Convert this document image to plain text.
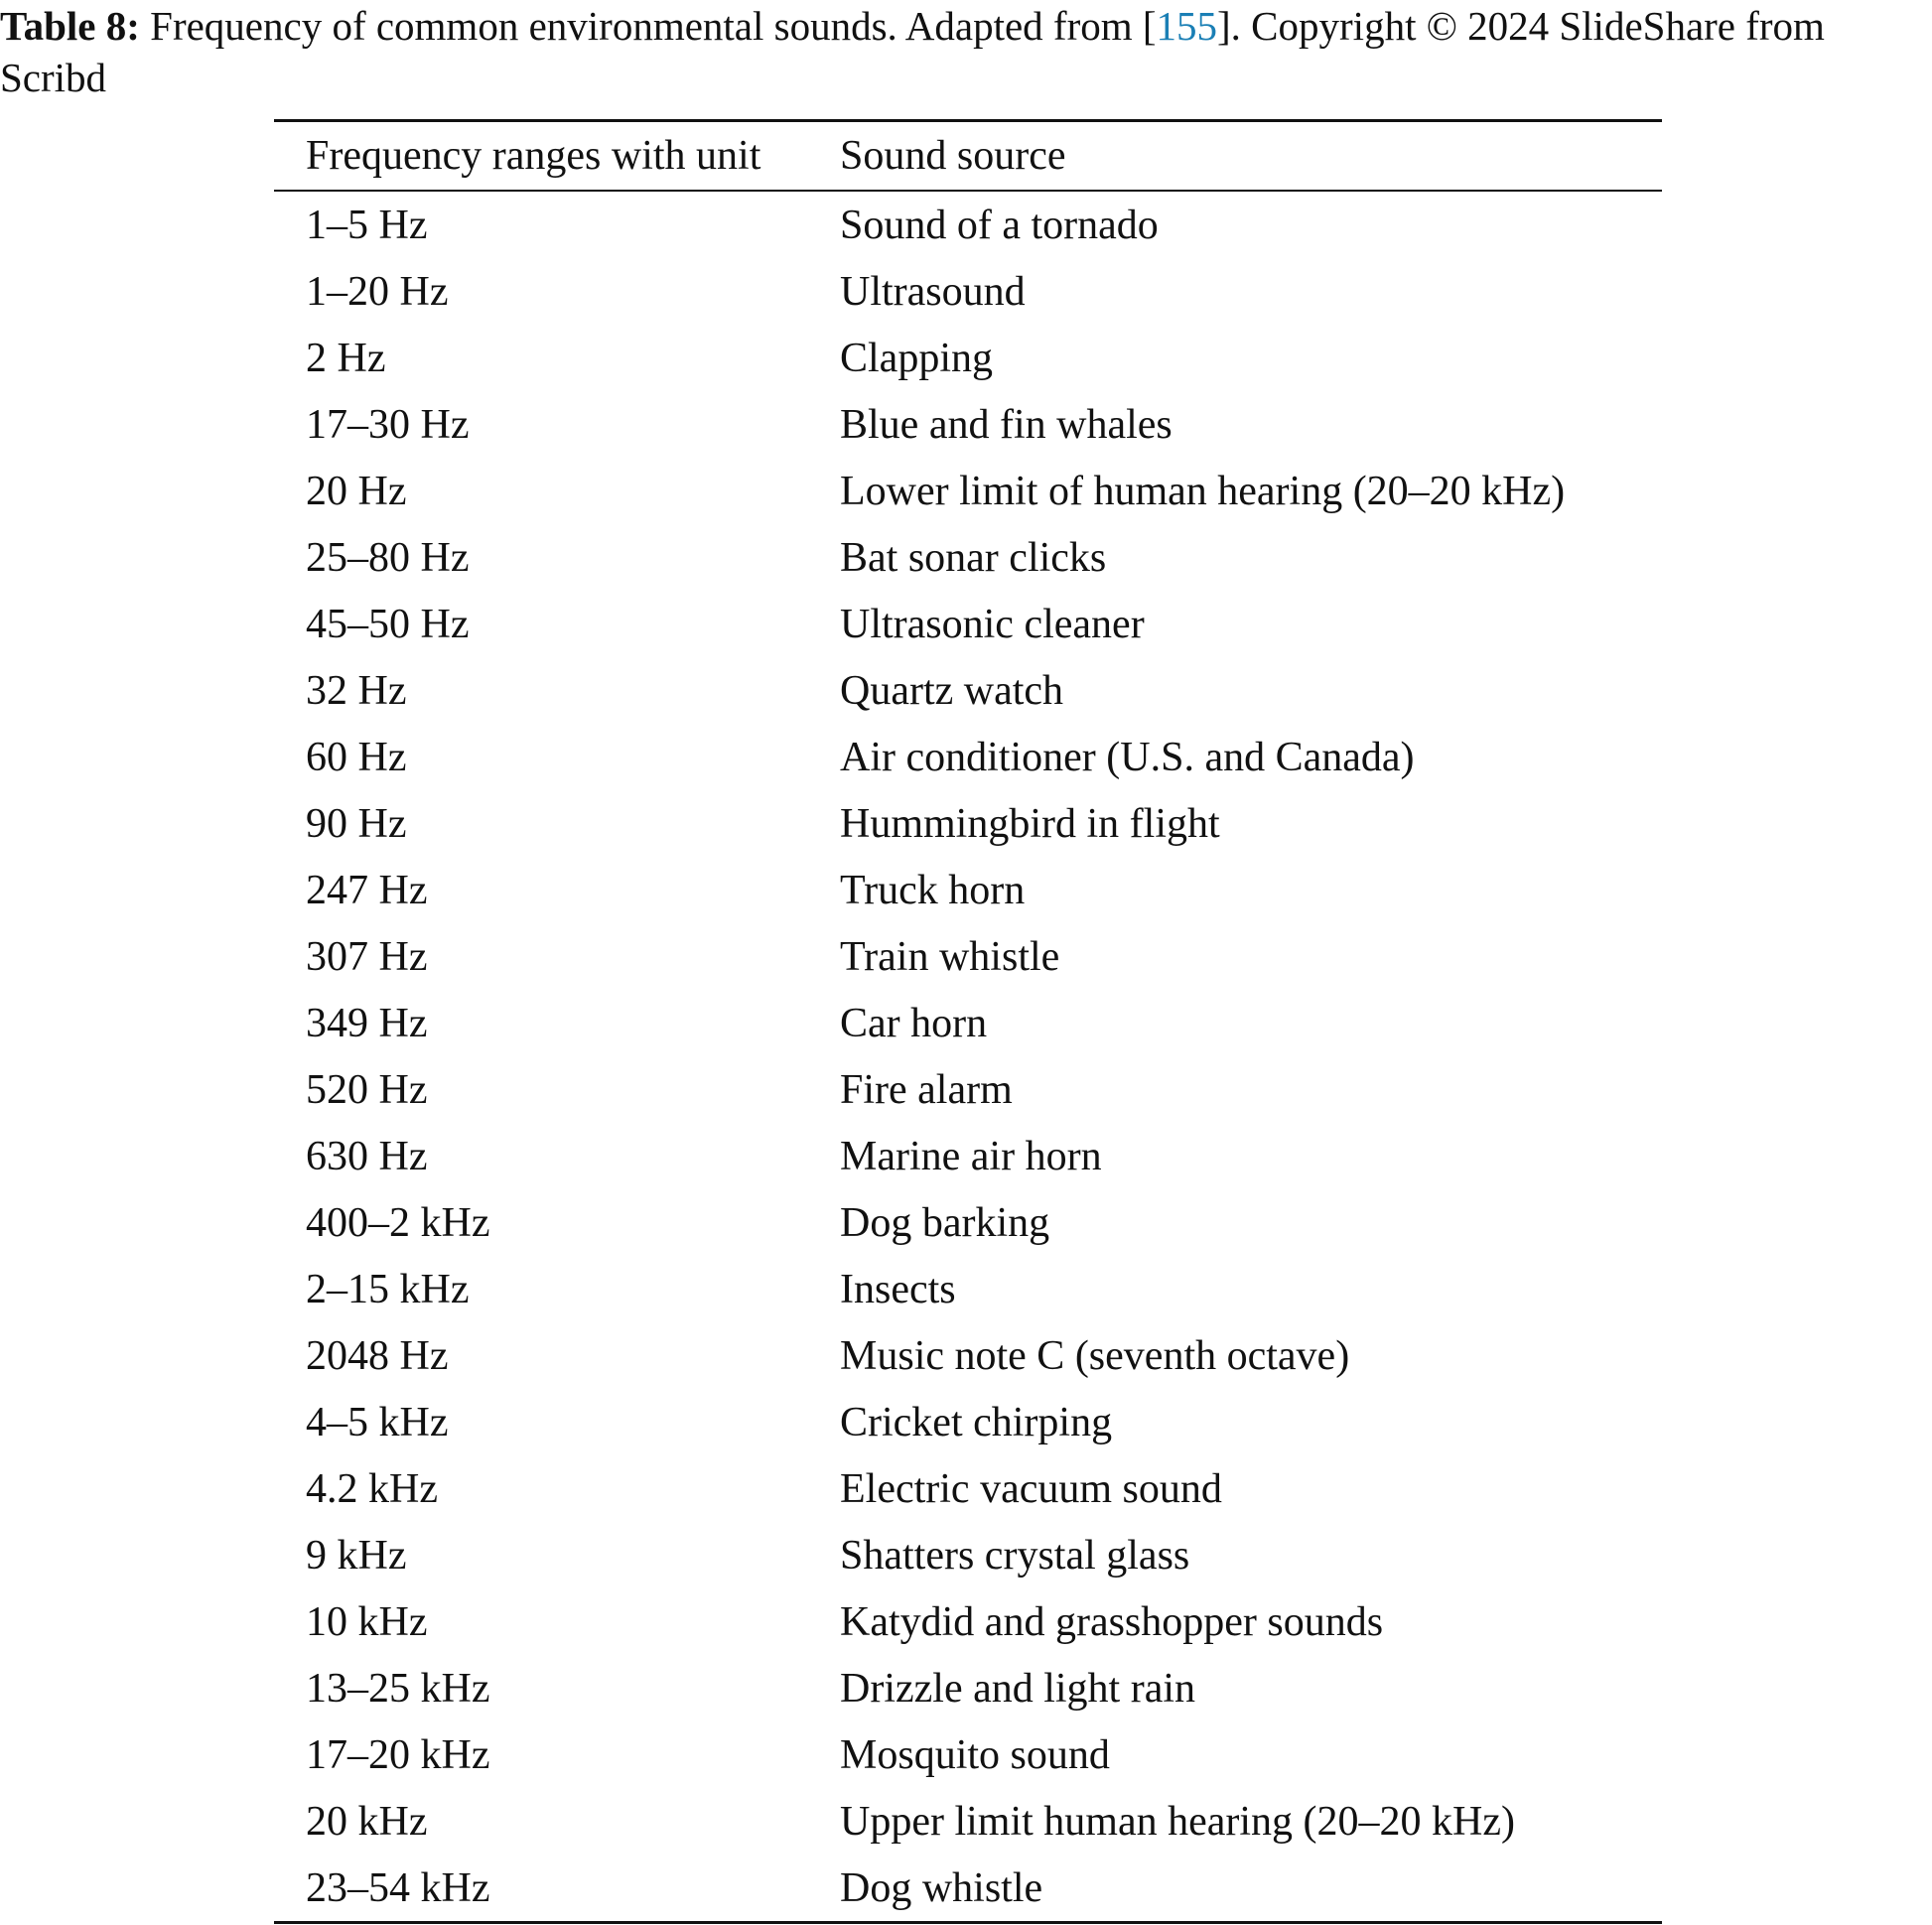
Table 8: Frequency of common environmental sounds. Adapted from [155]. Copyright © 2024 SlideShare from Scribd
Frequency ranges with unit	Sound source
1–5 Hz	Sound of a tornado
1–20 Hz	Ultrasound
2 Hz	Clapping
17–30 Hz	Blue and fin whales
20 Hz	Lower limit of human hearing (20–20 kHz)
25–80 Hz	Bat sonar clicks
45–50 Hz	Ultrasonic cleaner
32 Hz	Quartz watch
60 Hz	Air conditioner (U.S. and Canada)
90 Hz	Hummingbird in flight
247 Hz	Truck horn
307 Hz	Train whistle
349 Hz	Car horn
520 Hz	Fire alarm
630 Hz	Marine air horn
400–2 kHz	Dog barking
2–15 kHz	Insects
2048 Hz	Music note C (seventh octave)
4–5 kHz	Cricket chirping
4.2 kHz	Electric vacuum sound
9 kHz	Shatters crystal glass
10 kHz	Katydid and grasshopper sounds
13–25 kHz	Drizzle and light rain
17–20 kHz	Mosquito sound
20 kHz	Upper limit human hearing (20–20 kHz)
23–54 kHz	Dog whistle
